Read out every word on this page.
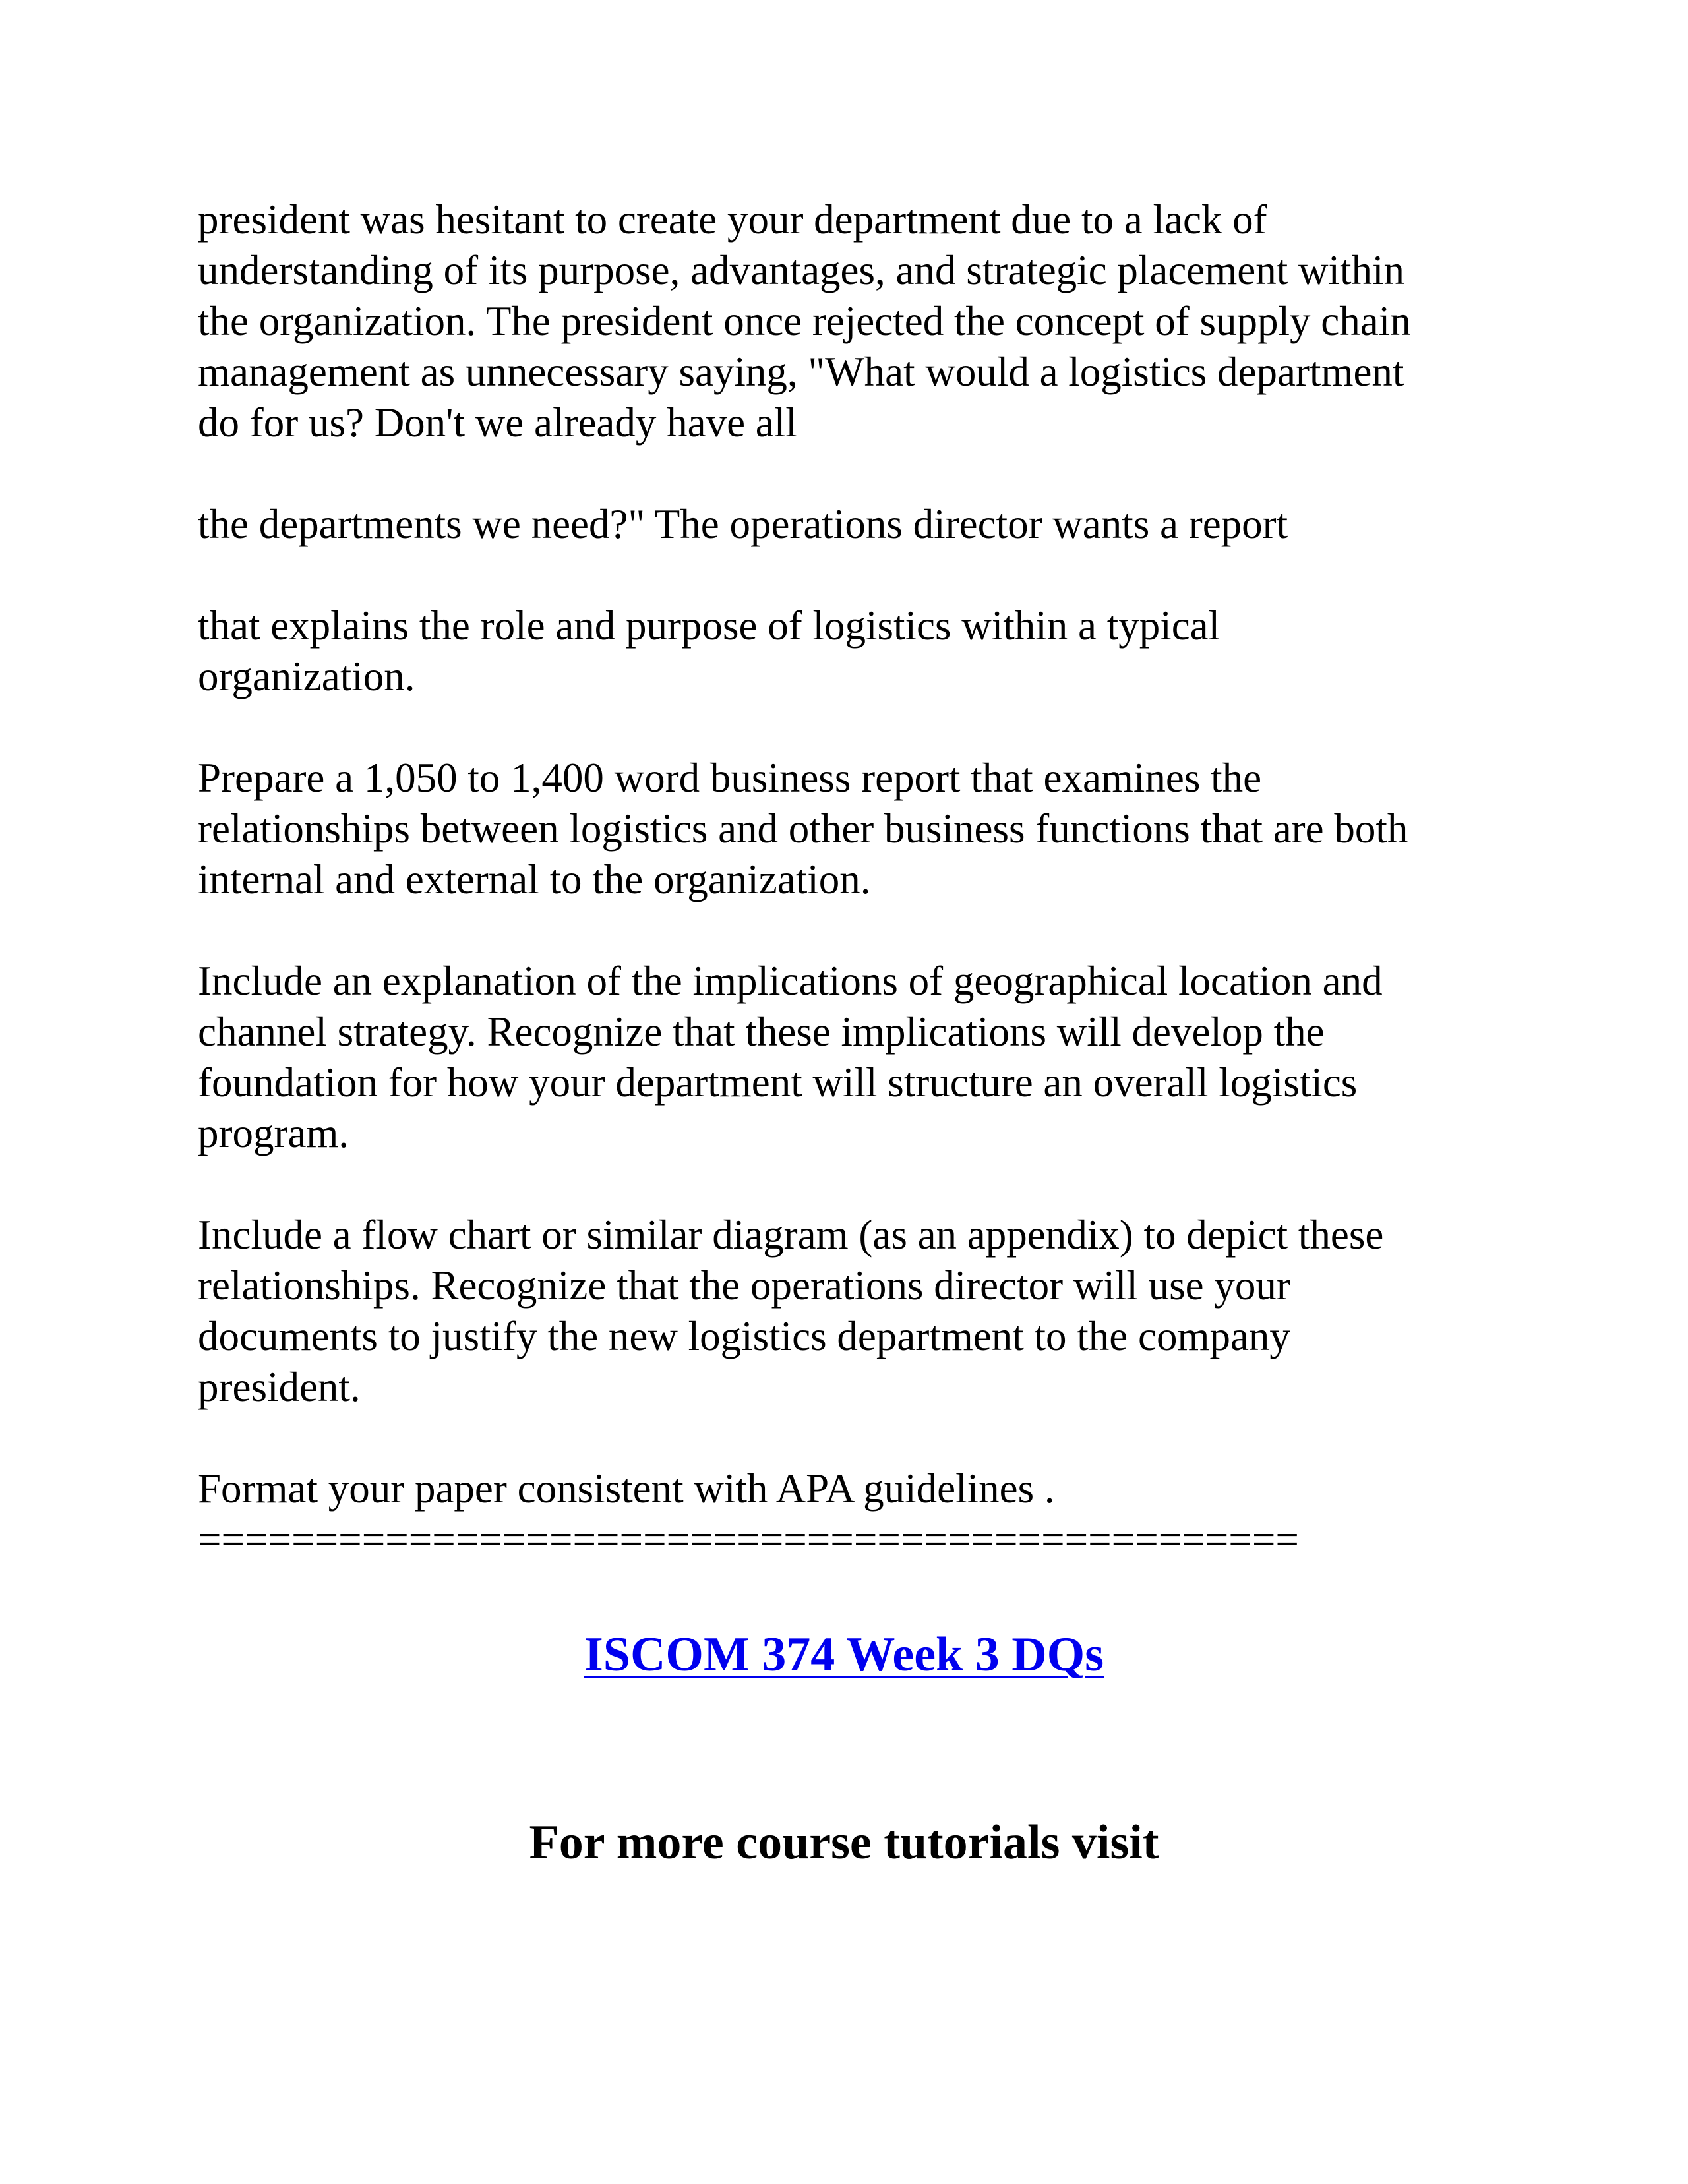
president was hesitant to create your department due to a lack of
understanding of its purpose, advantages, and strategic placement within
the organization. The president once rejected the concept of supply chain
management as unnecessary saying, "What would a logistics department
do for us? Don't we already have all

the departments we need?" The operations director wants a report

that explains the role and purpose of logistics within a typical
organization.

Prepare a 1,050 to 1,400 word business report that examines the
relationships between logistics and other business functions that are both
internal and external to the organization.

Include an explanation of the implications of geographical location and
channel strategy. Recognize that these implications will develop the
foundation for how your department will structure an overall logistics
program.

Include a flow chart or similar diagram (as an appendix) to depict these
relationships. Recognize that the operations director will use your
documents to justify the new logistics department to the company
president.

Format your paper consistent with APA guidelines .

===============================================

ISCOM 374 Week 3 DQs

For more course tutorials visit
